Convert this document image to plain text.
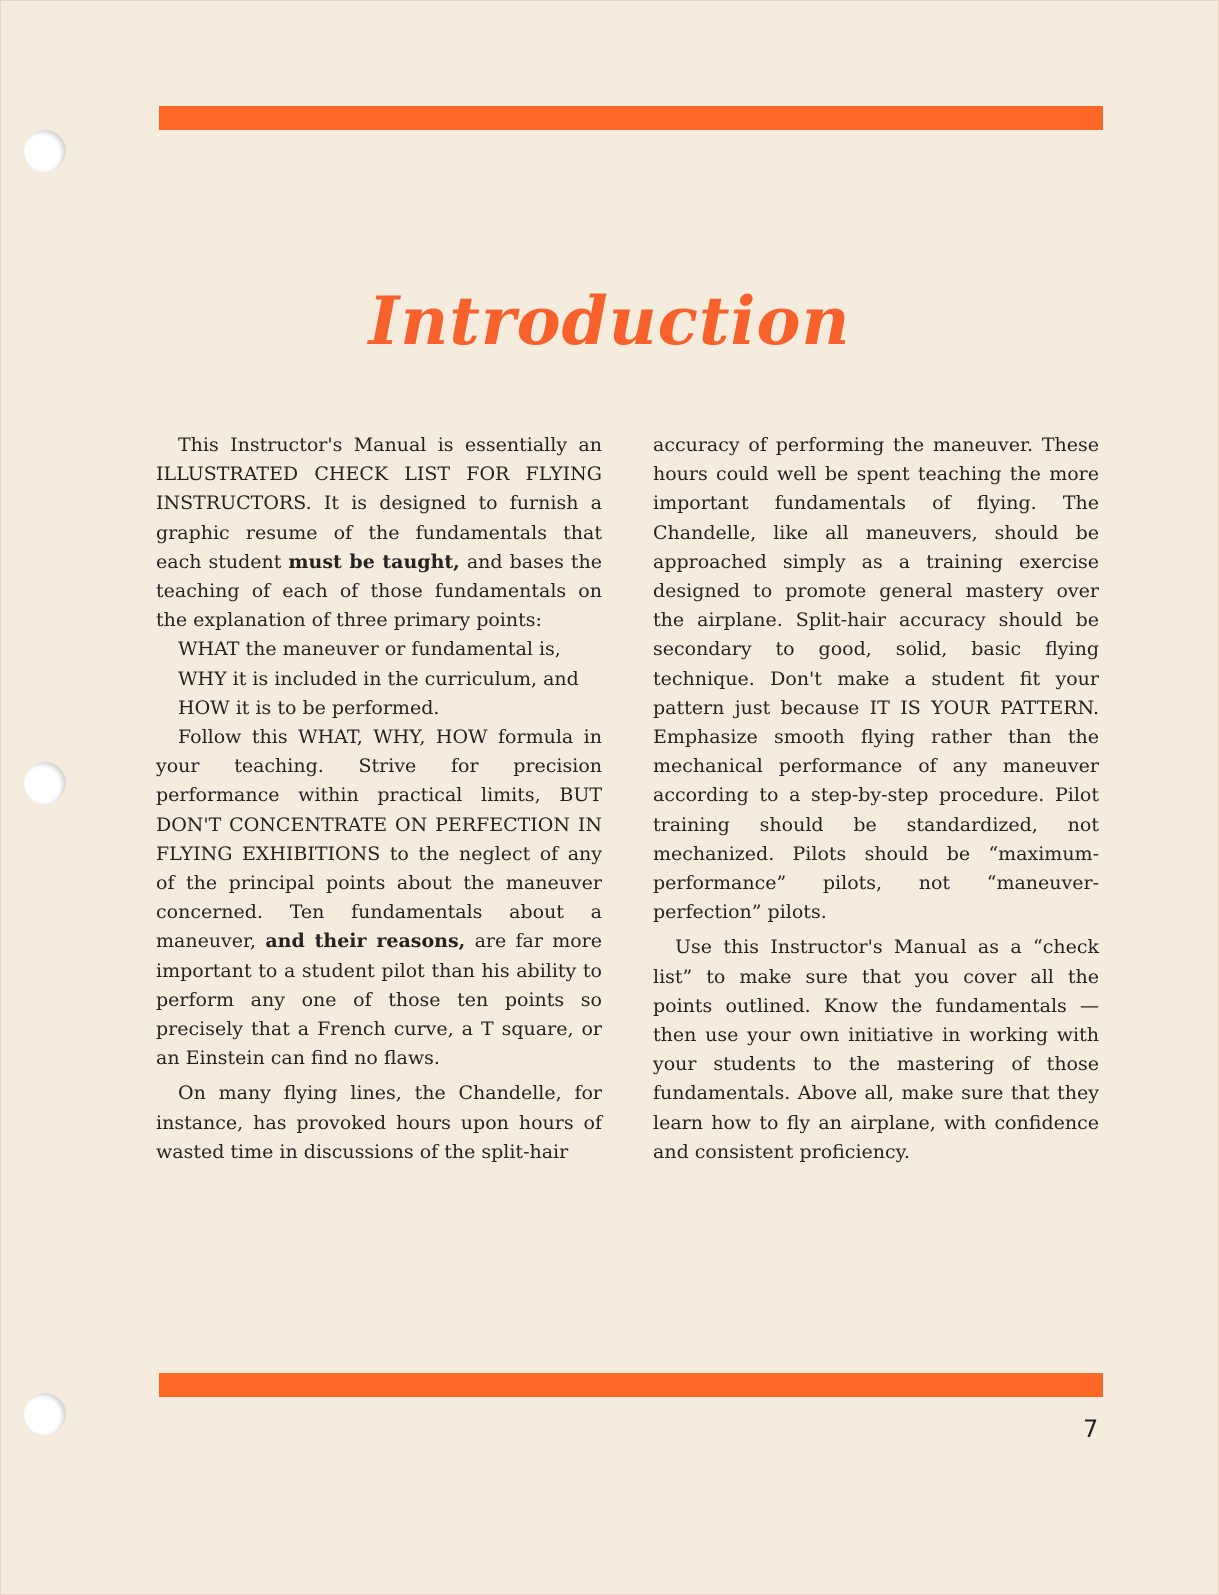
Introduction

This Instructor's Manual is essentially an ILLUSTRATED CHECK LIST FOR FLYING INSTRUCTORS. It is designed to furnish a graphic resume of the fundamentals that each student must be taught, and bases the teaching of each of those fundamentals on the explanation of three primary points:

WHAT the maneuver or fundamental is,

WHY it is included in the curriculum, and

HOW it is to be performed.

Follow this WHAT, WHY, HOW formula in your teaching. Strive for precision performance within practical limits, BUT DON'T CONCENTRATE ON PERFECTION IN FLYING EXHIBITIONS to the neglect of any of the principal points about the maneuver concerned. Ten fundamentals about a maneuver, and their reasons, are far more important to a student pilot than his ability to perform any one of those ten points so precisely that a French curve, a T square, or an Einstein can find no flaws.

On many flying lines, the Chandelle, for instance, has provoked hours upon hours of wasted time in discussions of the split-hair

accuracy of performing the maneuver. These hours could well be spent teaching the more important fundamentals of flying. The Chandelle, like all maneuvers, should be approached simply as a training exercise designed to promote general mastery over the airplane. Split-hair accuracy should be secondary to good, solid, basic flying technique. Don't make a student fit your pattern just because IT IS YOUR PATTERN. Emphasize smooth flying rather than the mechanical performance of any maneuver according to a step-by-step procedure. Pilot training should be standardized, not mechanized. Pilots should be “maximum-performance” pilots, not “maneuver-perfection” pilots.

Use this Instructor's Manual as a “check list” to make sure that you cover all the points outlined. Know the fundamentals — then use your own initiative in working with your students to the mastering of those fundamentals. Above all, make sure that they learn how to fly an airplane, with confidence and consistent proficiency.

7
